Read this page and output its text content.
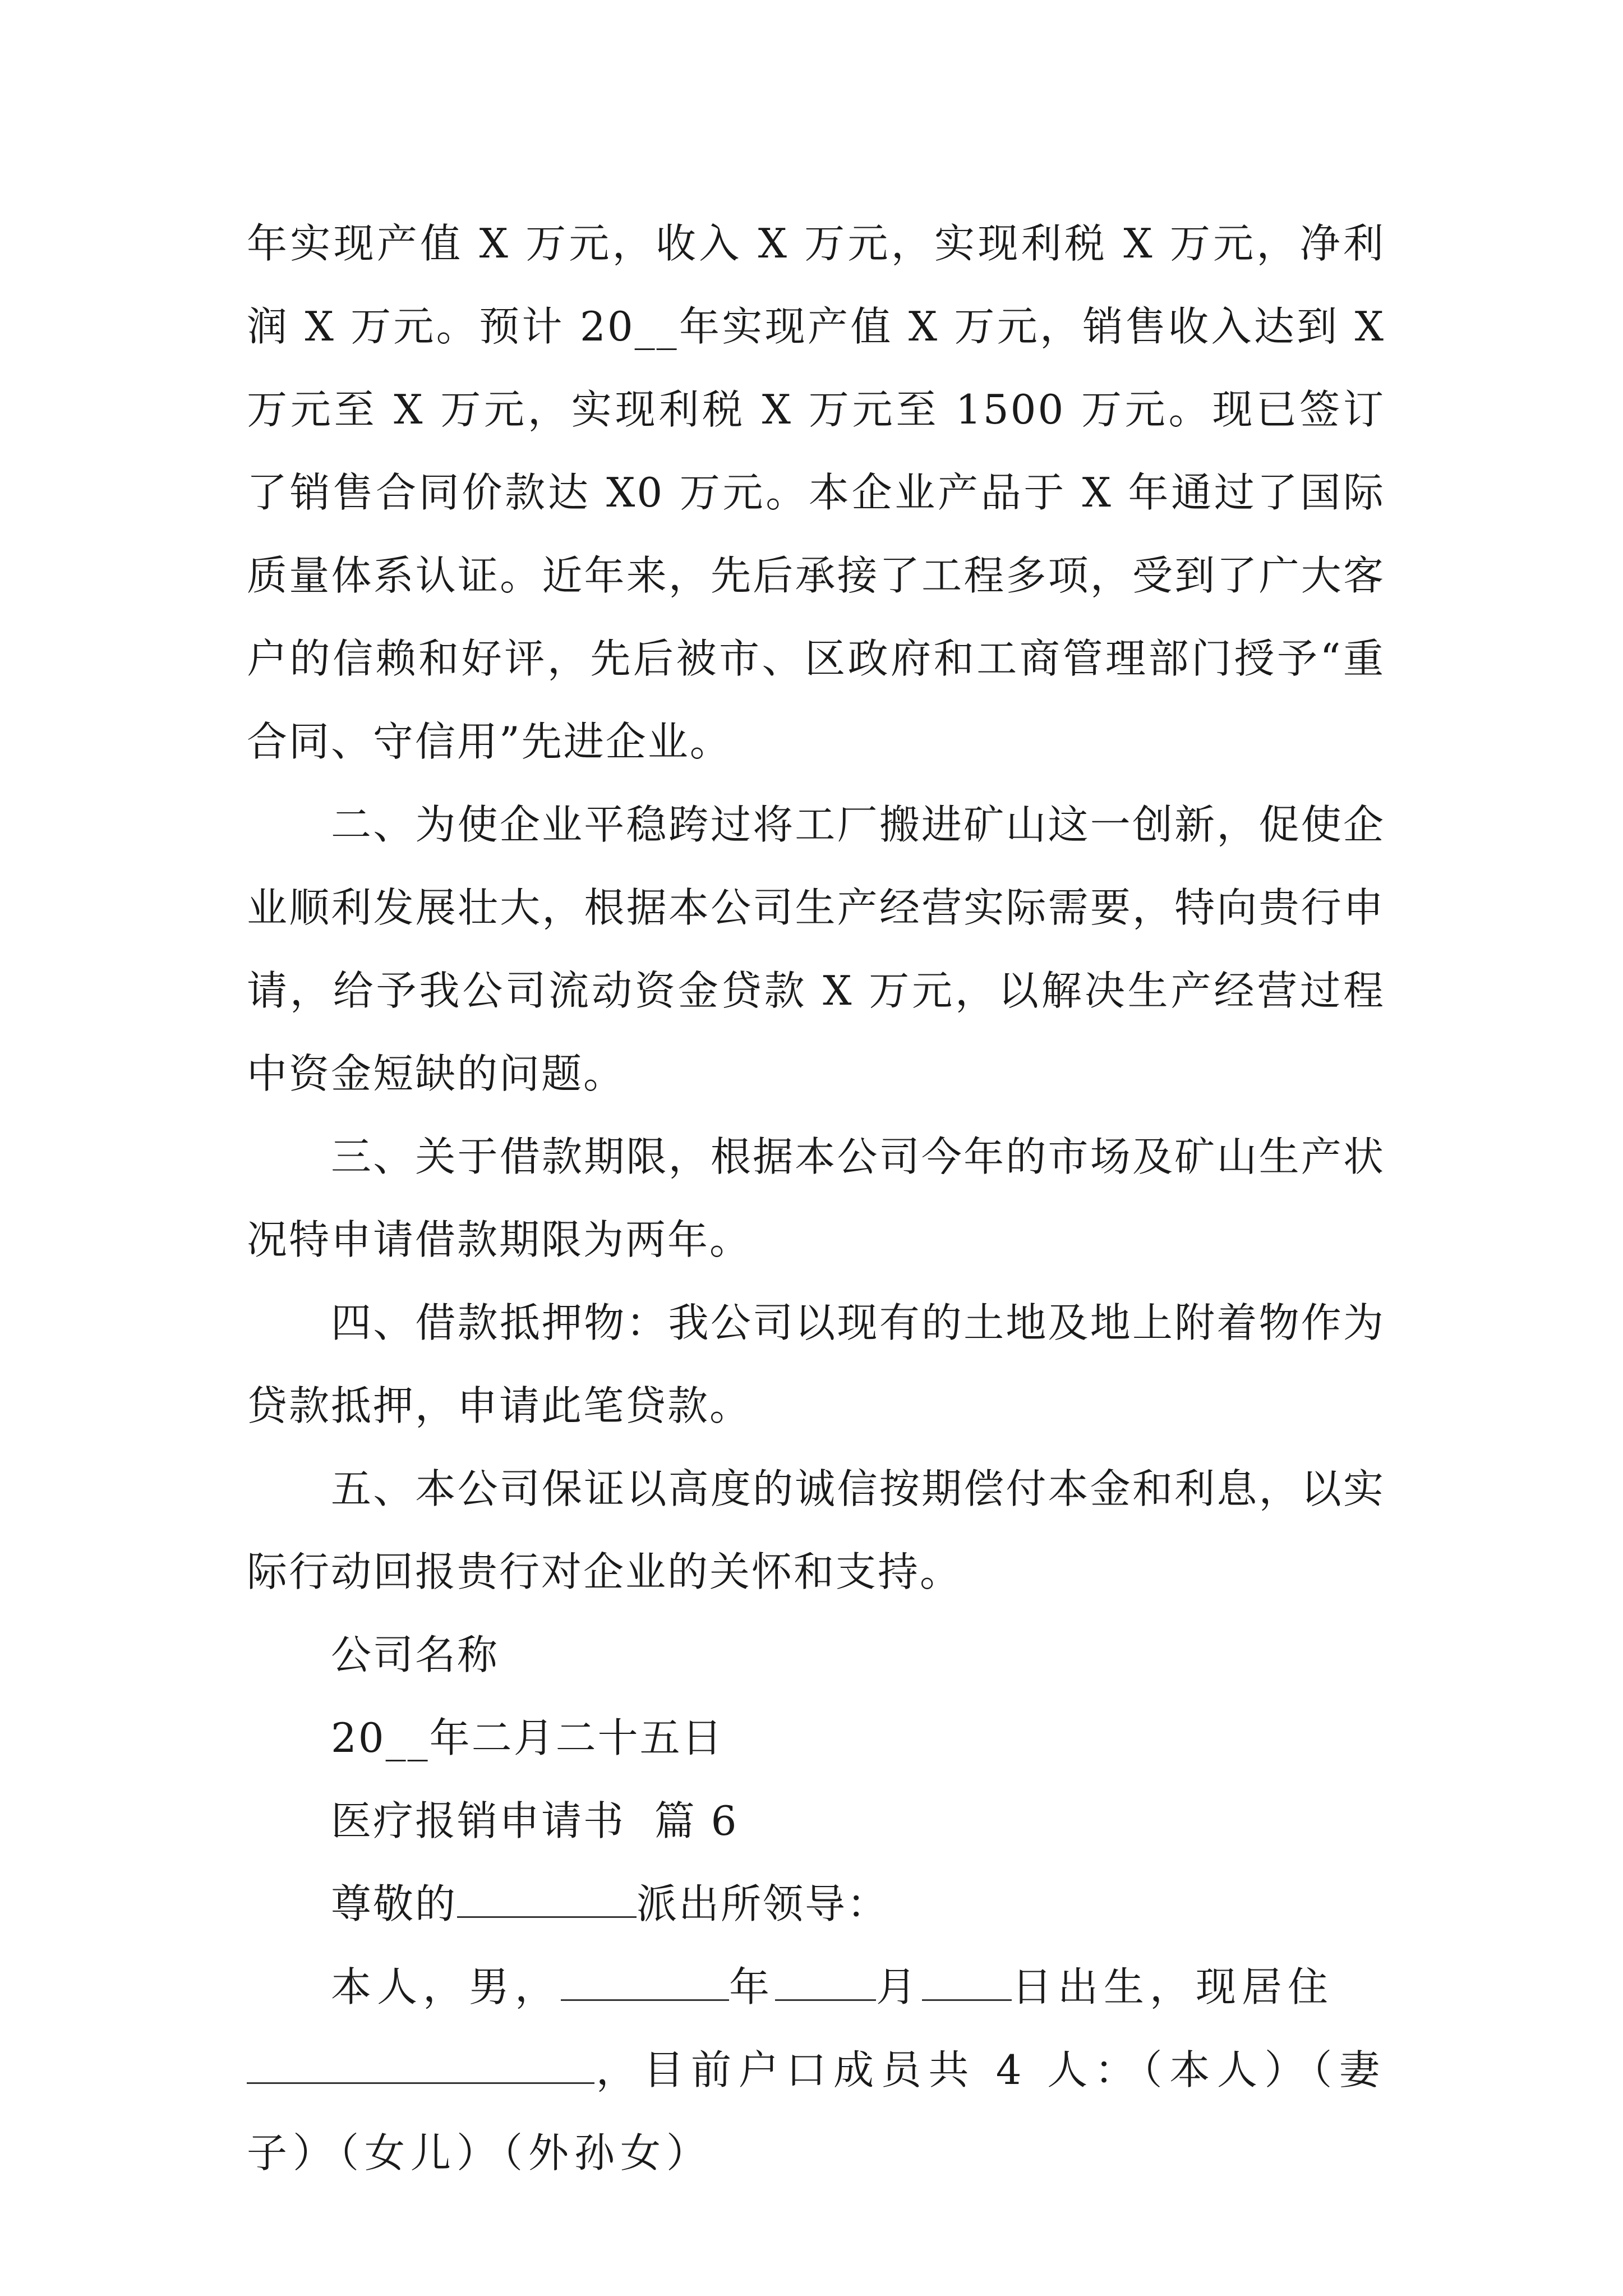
年实现产值 X 万元，收入 X 万元，实现利税 X 万元，净利润 X 万元。预计 20__年实现产值 X 万元，销售收入达到 X 万元至 X 万元，实现利税 X 万元至 1500 万元。现已签订了销售合同价款达 X0 万元。本企业产品于 X 年通过了国际质量体系认证。近年来，先后承接了工程多项，受到了广大客户的信赖和好评，先后被市、区政府和工商管理部门授予“重合同、守信用”先进企业。

二、为使企业平稳跨过将工厂搬进矿山这一创新，促使企业顺利发展壮大，根据本公司生产经营实际需要，特向贵行申请，给予我公司流动资金贷款 X 万元，以解决生产经营过程中资金短缺的问题。

三、关于借款期限，根据本公司今年的市场及矿山生产状况特申请借款期限为两年。

四、借款抵押物：我公司以现有的土地及地上附着物作为贷款抵押，申请此笔贷款。

五、本公司保证以高度的诚信按期偿付本金和利息，以实际行动回报贵行对企业的关怀和支持。

公司名称

20__年二月二十五日

医疗报销申请书  篇 6

尊敬的	派出所领导：

本人，男，	年	月 日出生，现居住
，目前户口成员共 4 人：（本人）（妻子）（女儿）（外孙女）
